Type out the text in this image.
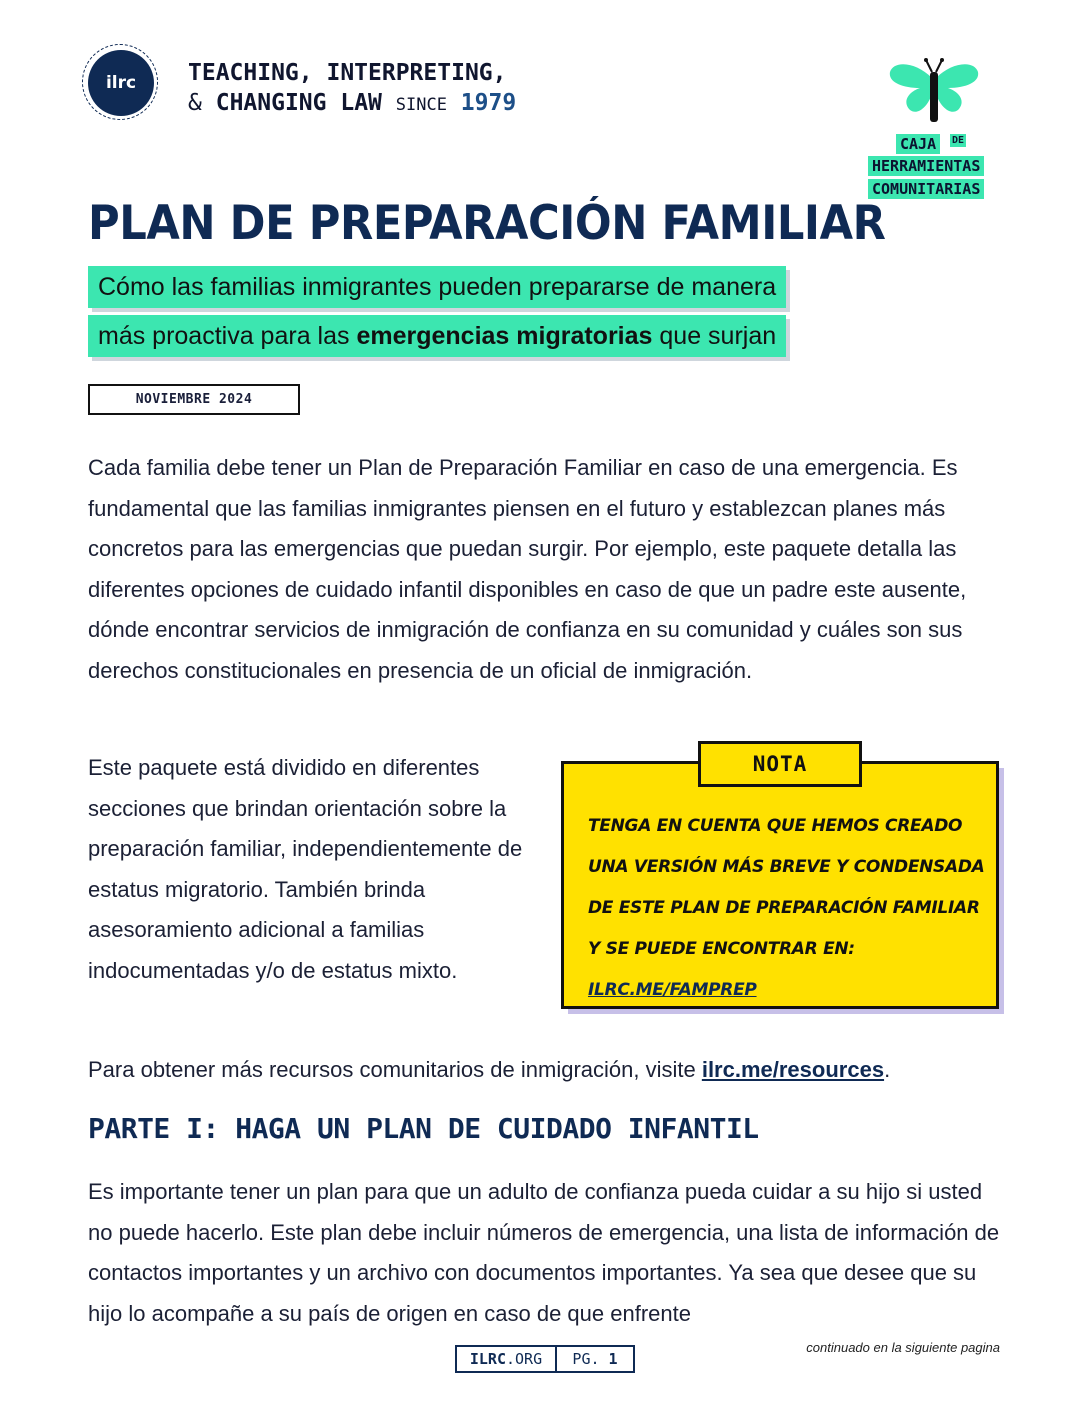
ilrc TEACHING, INTERPRETING,
& CHANGING LAW SINCE 1979
CAJA	DE
HERRAMIENTAS
COMUNITARIAS
PLAN DE PREPARACIÓN FAMILIAR
Cómo las familias inmigrantes pueden prepararse de manera
más proactiva para las emergencias migratorias que surjan
NOVIEMBRE 2024
Cada familia debe tener un Plan de Preparación Familiar en caso de una emergencia. Es fundamental que las familias inmigrantes piensen en el futuro y establezcan planes más concretos para las emergencias que puedan surgir. Por ejemplo, este paquete detalla las diferentes opciones de cuidado infantil disponibles en caso de que un padre este ausente, dónde encontrar servicios de inmigración de confianza en su comunidad y cuáles son sus derechos constitucionales en presencia de un oficial de inmigración.
Este paquete está dividido en diferentes secciones que brindan orientación sobre la preparación familiar, independientemente de estatus migratorio. También brinda asesoramiento adicional a familias indocumentadas y/o de estatus mixto.
NOTA
TENGA EN CUENTA QUE HEMOS CREADO UNA VERSIÓN MÁS BREVE Y CONDENSADA DE ESTE PLAN DE PREPARACIÓN FAMILIAR Y SE PUEDE ENCONTRAR EN: ILRC.ME/FAMPREP
Para obtener más recursos comunitarios de inmigración, visite ilrc.me/resources.
PARTE I: HAGA UN PLAN DE CUIDADO INFANTIL
Es importante tener un plan para que un adulto de confianza pueda cuidar a su hijo si usted no puede hacerlo. Este plan debe incluir números de emergencia, una lista de información de contactos importantes y un archivo con documentos importantes. Ya sea que desee que su hijo lo acompañe a su país de origen en caso de que enfrente
continuado en la siguiente pagina
ILRC.ORG	PG. 1
